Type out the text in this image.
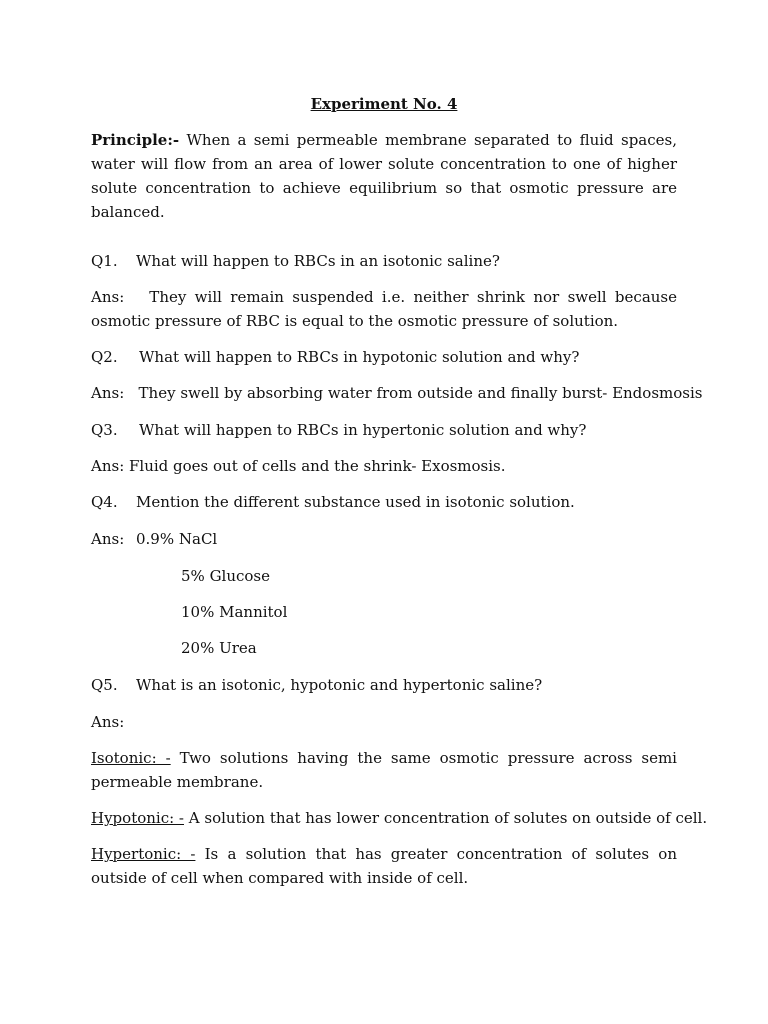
Experiment No. 4
Principle:- When a semi permeable membrane separated to fluid spaces, water will flow from an area of lower solute concentration to one of higher solute concentration to achieve equilibrium so that osmotic pressure are balanced.
Q1. What will happen to RBCs in an isotonic saline?
Ans:   They will remain suspended i.e. neither shrink nor swell because osmotic pressure of RBC is equal to the osmotic pressure of solution.
Q2. What will happen to RBCs in hypotonic solution and why?
Ans:   They swell by absorbing water from outside and finally burst- Endosmosis
Q3. What will happen to RBCs in hypertonic solution and why?
Ans: Fluid goes out of cells and the shrink- Exosmosis.
Q4. Mention the different substance used in isotonic solution.
Ans: 0.9% NaCl
5% Glucose
10% Mannitol
20% Urea
Q5. What is an isotonic, hypotonic and hypertonic saline?
Ans:
Isotonic: - Two solutions having the same osmotic pressure across semi permeable membrane.
Hypotonic: - A solution that has lower concentration of solutes on outside of cell.
Hypertonic: - Is a solution that has greater concentration of solutes on outside of cell when compared with inside of cell.
